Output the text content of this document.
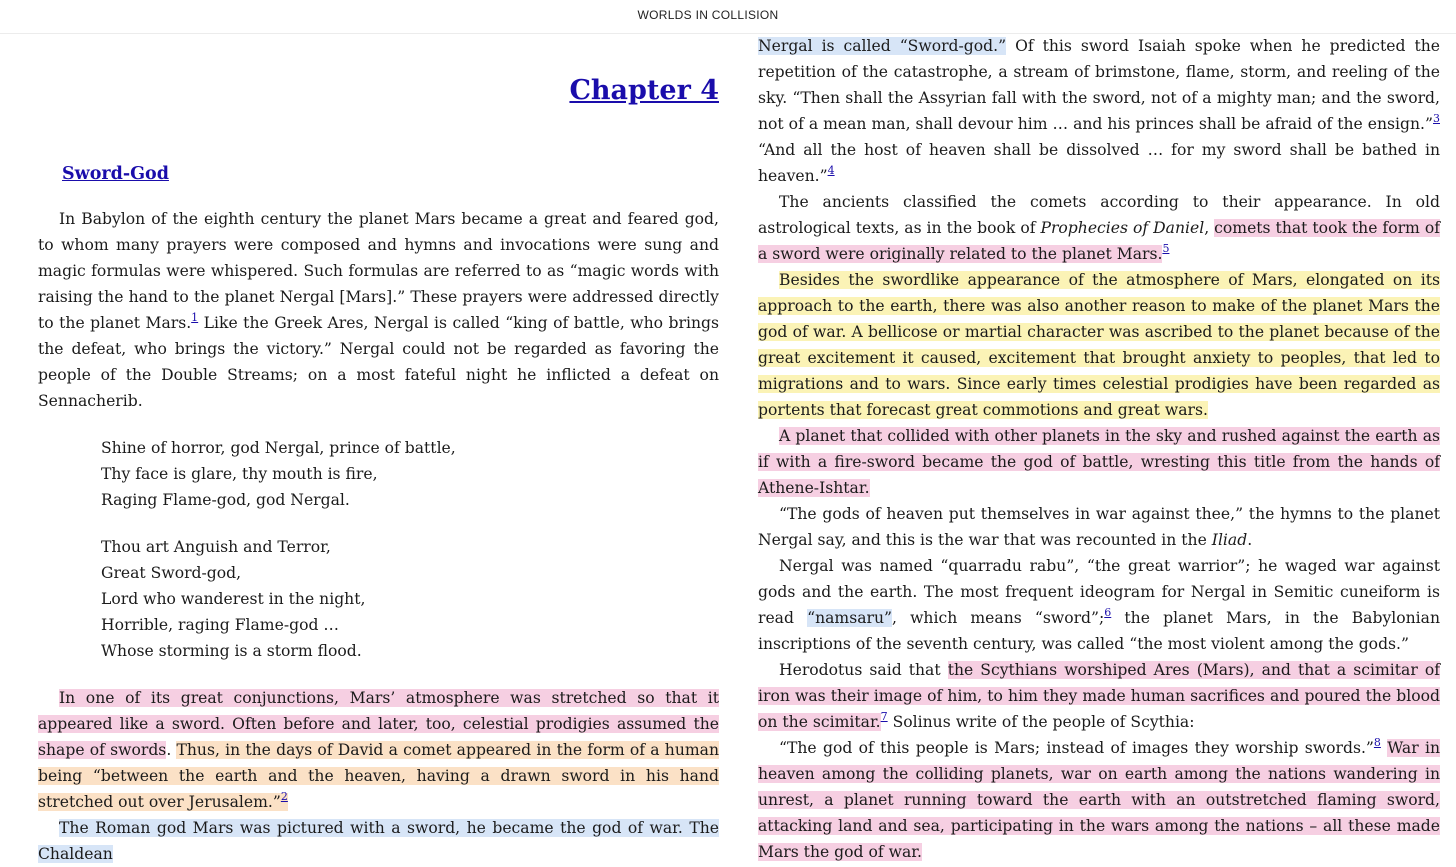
WORLDS IN COLLISION
Chapter 4
Sword-God

In Babylon of the eighth century the planet Mars became a great and feared god, to whom many prayers were composed and hymns and invocations were sung and magic formulas were whispered. Such formulas are referred to as “magic words with raising the hand to the planet Nergal [Mars].” These prayers were addressed directly to the planet Mars.$^1$ Like the Greek Ares, Nergal is called “king of battle, who brings the defeat, who brings the victory.” Nergal could not be regarded as favoring the people of the Double Streams; on a most fateful night he inflicted a defeat on Sennacherib.

Shine of horror, god Nergal, prince of battle,
Thy face is glare, thy mouth is fire,
Raging Flame-god, god Nergal.
Thou art Anguish and Terror,
Great Sword-god,
Lord who wanderest in the night,
Horrible, raging Flame-god …
Whose storming is a storm flood.

In one of its great conjunctions, Mars’ atmosphere was stretched so that it appeared like a sword. Often before and later, too, celestial prodigies assumed the shape of swords. Thus, in the days of David a comet appeared in the form of a human being “between the earth and the heaven, having a drawn sword in his hand stretched out over Jerusalem.”$^2$

The Roman god Mars was pictured with a sword, he became the god of war. The Chaldean

Nergal is called “Sword-god.” Of this sword Isaiah spoke when he predicted the repetition of the catastrophe, a stream of brimstone, flame, storm, and reeling of the sky. “Then shall the Assyrian fall with the sword, not of a mighty man; and the sword, not of a mean man, shall devour him … and his princes shall be afraid of the ensign.”$^3$ “And all the host of heaven shall be dissolved … for my sword shall be bathed in heaven.”$^4$

The ancients classified the comets according to their appearance. In old astrological texts, as in the book of Prophecies of Daniel, comets that took the form of a sword were originally related to the planet Mars.$^5$

Besides the swordlike appearance of the atmosphere of Mars, elongated on its approach to the earth, there was also another reason to make of the planet Mars the god of war. A bellicose or martial character was ascribed to the planet because of the great excitement it caused, excitement that brought anxiety to peoples, that led to migrations and to wars. Since early times celestial prodigies have been regarded as portents that forecast great commotions and great wars.

A planet that collided with other planets in the sky and rushed against the earth as if with a fire-sword became the god of battle, wresting this title from the hands of Athene-Ishtar.

“The gods of heaven put themselves in war against thee,” the hymns to the planet Nergal say, and this is the war that was recounted in the Iliad.

Nergal was named “quarradu rabu”, “the great warrior”; he waged war against gods and the earth. The most frequent ideogram for Nergal in Semitic cuneiform is read “namsaru”, which means “sword”;$^6$ the planet Mars, in the Babylonian inscriptions of the seventh century, was called “the most violent among the gods.”

Herodotus said that the Scythians worshiped Ares (Mars), and that a scimitar of iron was their image of him, to him they made human sacrifices and poured the blood on the scimitar.$^7$ Solinus write of the people of Scythia:

“The god of this people is Mars; instead of images they worship swords.”$^8$ War in heaven among the colliding planets, war on earth among the nations wandering in unrest, a planet running toward the earth with an outstretched flaming sword, attacking land and sea, participating in the wars among the nations – all these made Mars the god of war.
